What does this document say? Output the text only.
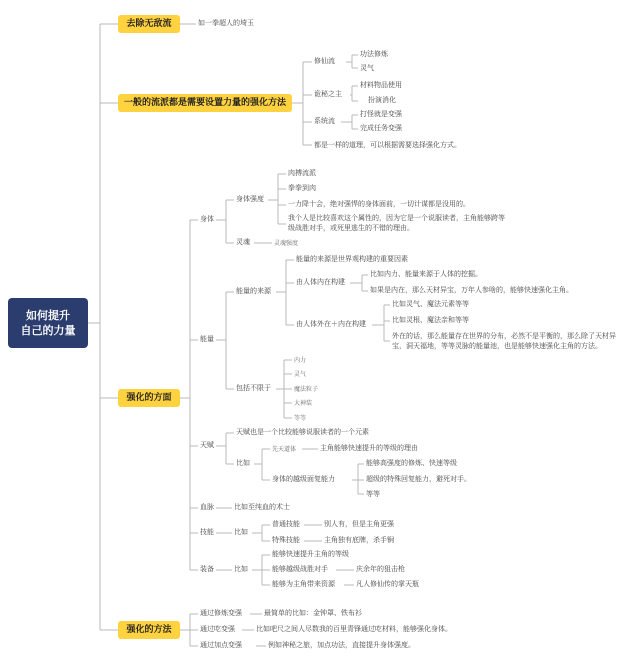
如何提升
自己的力量
去除无敌流	如一拳超人的埼玉
一般的流派都是需要设置力量的强化方法
修仙流
功法修炼
灵气
诡秘之主
材料物品使用
扮演消化
系统流
打怪就是变强
完成任务变强
都是一样的道理，可以根据需要选择强化方式。
强化的方面
身体
身体强度
肉搏流派
拳拳到肉
一力降十会，绝对强悍的身体面前，一切计谋都是没用的。
我个人是比较喜欢这个属性的，因为它是一个说服读者，主角能够跨等
级战胜对手，或死里逃生的不错的理由。
灵魂	灵魂强度
能量
能量的来源
能量的来源是世界观构建的重要因素
由人体内在构建
比如内力、能量来源于人体的挖掘。
如果是内在，那么天材异宝，万年人参啥的，能够快速强化主角。
由人体外在＋内在构建
比如灵气、魔法元素等等
比如灵根、魔法亲和等等
外在的话，那么能量存在世界的分布，必然不是平衡的，那么除了天材异
宝，洞天福地，等等灵脉的能量池，也是能够快速强化主角的方法。
包括不限于
内力
灵气
魔法粒子
大神装
等等
天赋
天赋也是一个比较能够说服读者的一个元素
比如
先天道体	主角能够快速提升的等级的理由
身体的越级面复能力
能够高强度的修炼、快速等级
超级的特殊回复能力，避死对手。
等等
血脉	比如至纯血的术士
技能	比如
普通技能	别人有，但是主角更强
特殊技能	主角独有底牌，杀手锏
装备	比如
能够快速提升主角的等级
能够越级战胜对手
能够为主角带来资源
庆余年的狙击枪
凡人修仙传的掌天瓶
强化的方法
通过修炼变强	最简单的比如：金钟罩、铁布衫
通过吃变强	比如吧尺之间人尽数我的百里青锋通过吃材料，能够强化身体。
通过加点变强	例如神秘之旅，加点功法，直接提升身体强度。
